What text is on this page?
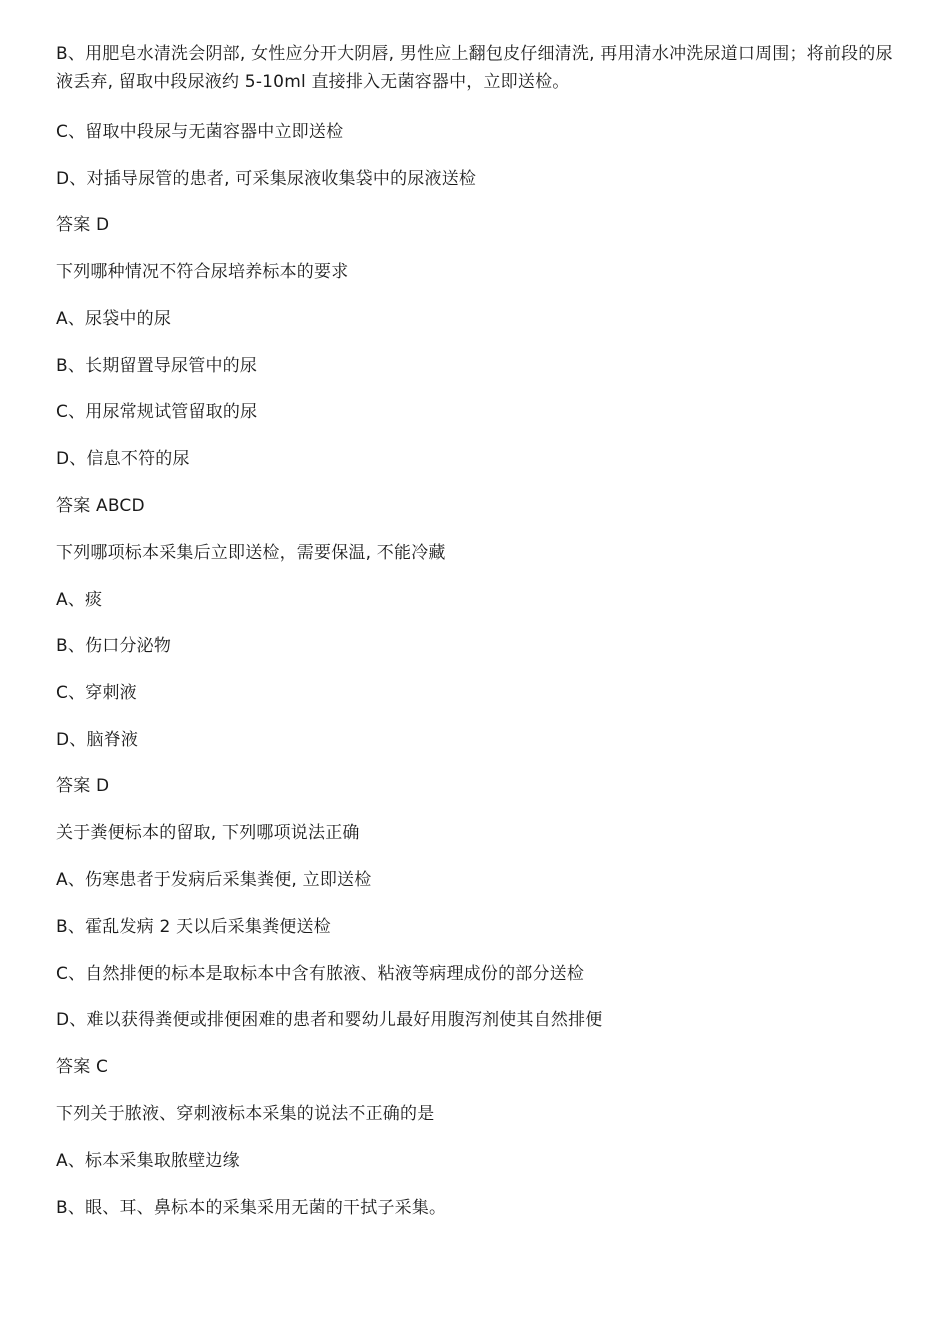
B、用肥皂水清洗会阴部, 女性应分开大阴唇, 男性应上翻包皮仔细清洗, 再用清水冲洗尿道口周围；将前段的尿液丢弃, 留取中段尿液约 5-10ml 直接排入无菌容器中，立即送检。
C、留取中段尿与无菌容器中立即送检
D、对插导尿管的患者, 可采集尿液收集袋中的尿液送检
答案 D
下列哪种情况不符合尿培养标本的要求
A、尿袋中的尿
B、长期留置导尿管中的尿
C、用尿常规试管留取的尿
D、信息不符的尿
答案 ABCD
下列哪项标本采集后立即送检，需要保温, 不能冷藏
A、痰
B、伤口分泌物
C、穿刺液
D、脑脊液
答案 D
关于粪便标本的留取, 下列哪项说法正确
A、伤寒患者于发病后采集粪便, 立即送检
B、霍乱发病 2 天以后采集粪便送检
C、自然排便的标本是取标本中含有脓液、粘液等病理成份的部分送检
D、难以获得粪便或排便困难的患者和婴幼儿最好用腹泻剂使其自然排便
答案 C
下列关于脓液、穿刺液标本采集的说法不正确的是
A、标本采集取脓壁边缘
B、眼、耳、鼻标本的采集采用无菌的干拭子采集。
